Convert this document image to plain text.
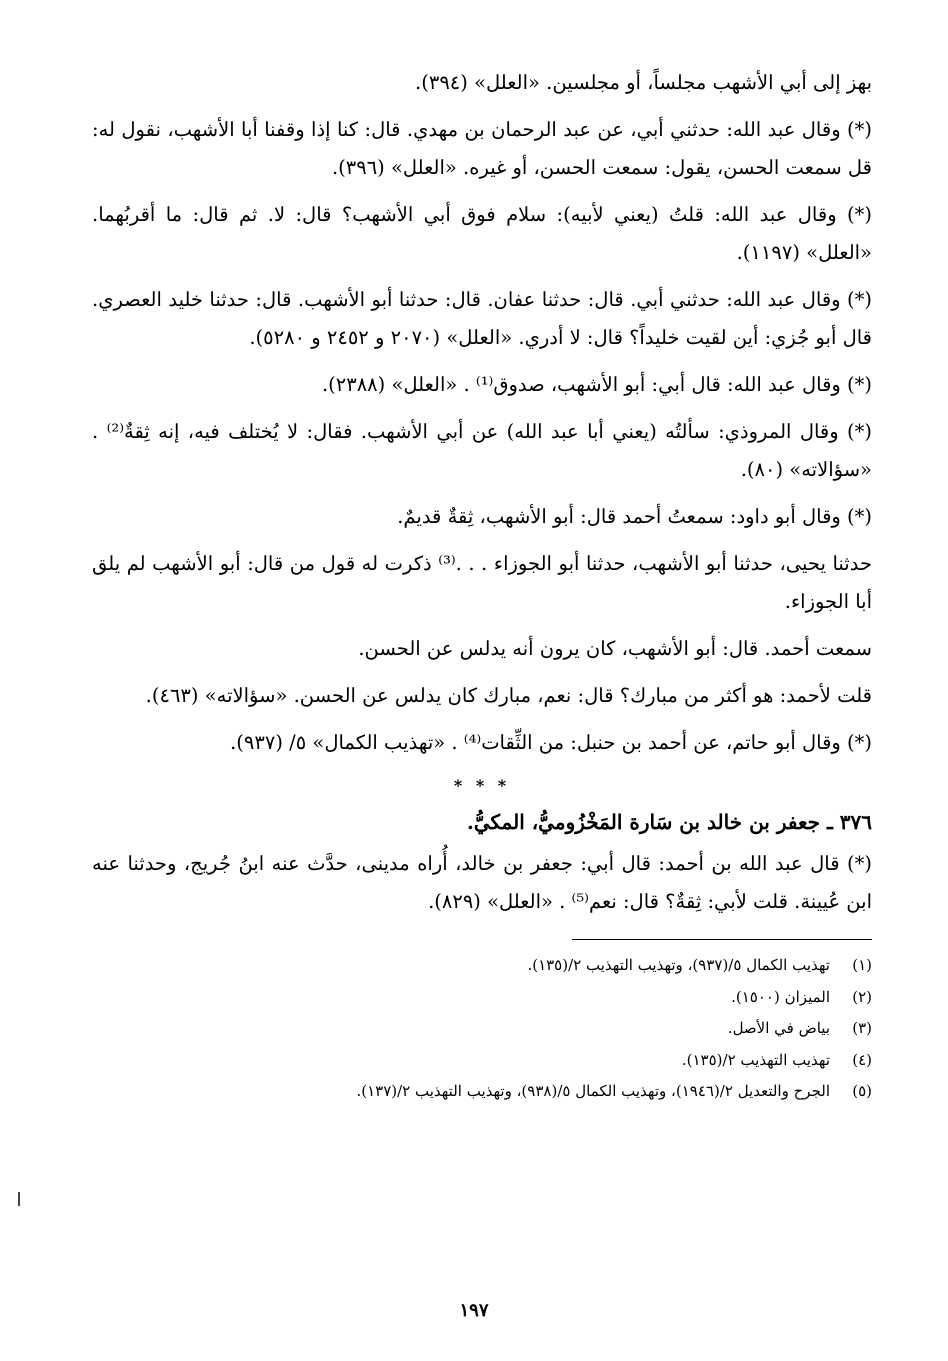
بهز إلى أبي الأشهب مجلساً، أو مجلسين. «العلل» (٣٩٤).

(*) وقال عبد الله: حدثني أبي، عن عبد الرحمان بن مهدي. قال: كنا إذا وقفنا أبا الأشهب، نقول له: قل سمعت الحسن، يقول: سمعت الحسن، أو غيره. «العلل» (٣٩٦).

(*) وقال عبد الله: قلتُ (يعني لأبيه): سلام فوق أبي الأشهب؟ قال: لا. ثم قال: ما أقربُهما. «العلل» (١١٩٧).

(*) وقال عبد الله: حدثني أبي. قال: حدثنا عفان. قال: حدثنا أبو الأشهب. قال: حدثنا خليد العصري. قال أبو جُزي: أين لقيت خليداً؟ قال: لا أدري. «العلل» (٢٠٧٠ و ٢٤٥٢ و ٥٢٨٠).

(*) وقال عبد الله: قال أبي: أبو الأشهب، صدوق⁽¹⁾ . «العلل» (٢٣٨٨).

(*) وقال المروذي: سألتُه (يعني أبا عبد الله) عن أبي الأشهب. فقال: لا يُختلف فيه، إنه ثِقةٌ⁽²⁾ . «سؤالاته» (٨٠).

(*) وقال أبو داود: سمعتُ أحمد قال: أبو الأشهب، ثِقةٌ قديمٌ.

حدثنا يحيى، حدثنا أبو الأشهب، حدثنا أبو الجوزاء . . .⁽³⁾ ذكرت له قول من قال: أبو الأشهب لم يلق أبا الجوزاء.

سمعت أحمد. قال: أبو الأشهب، كان يرون أنه يدلس عن الحسن.

قلت لأحمد: هو أكثر من مبارك؟ قال: نعم، مبارك كان يدلس عن الحسن. «سؤالاته» (٤٦٣).

(*) وقال أبو حاتم، عن أحمد بن حنبل: من الثِّقات⁽⁴⁾ . «تهذيب الكمال» ٥/ (٩٣٧).

* * *
٣٧٦ ـ جعفر بن خالد بن سَارة المَخْزُوميُّ، المكيُّ.

(*) قال عبد الله بن أحمد: قال أبي: جعفر بن خالد، أُراه مدينى، حدَّث عنه ابنُ جُريج، وحدثنا عنه ابن عُيينة. قلت لأبي: ثِقةٌ؟ قال: نعم⁽⁵⁾ . «العلل» (٨٢٩).

(١)
تهذيب الكمال ٥/(٩٣٧)، وتهذيب التهذيب ٢/(١٣٥).
(٢)
الميزان (١٥٠٠).
(٣)
بياض في الأصل.
(٤)
تهذيب التهذيب ٢/(١٣٥).
(٥)
الجرح والتعديل ٢/(١٩٤٦)، وتهذيب الكمال ٥/(٩٣٨)، وتهذيب التهذيب ٢/(١٣٧).
١٩٧
